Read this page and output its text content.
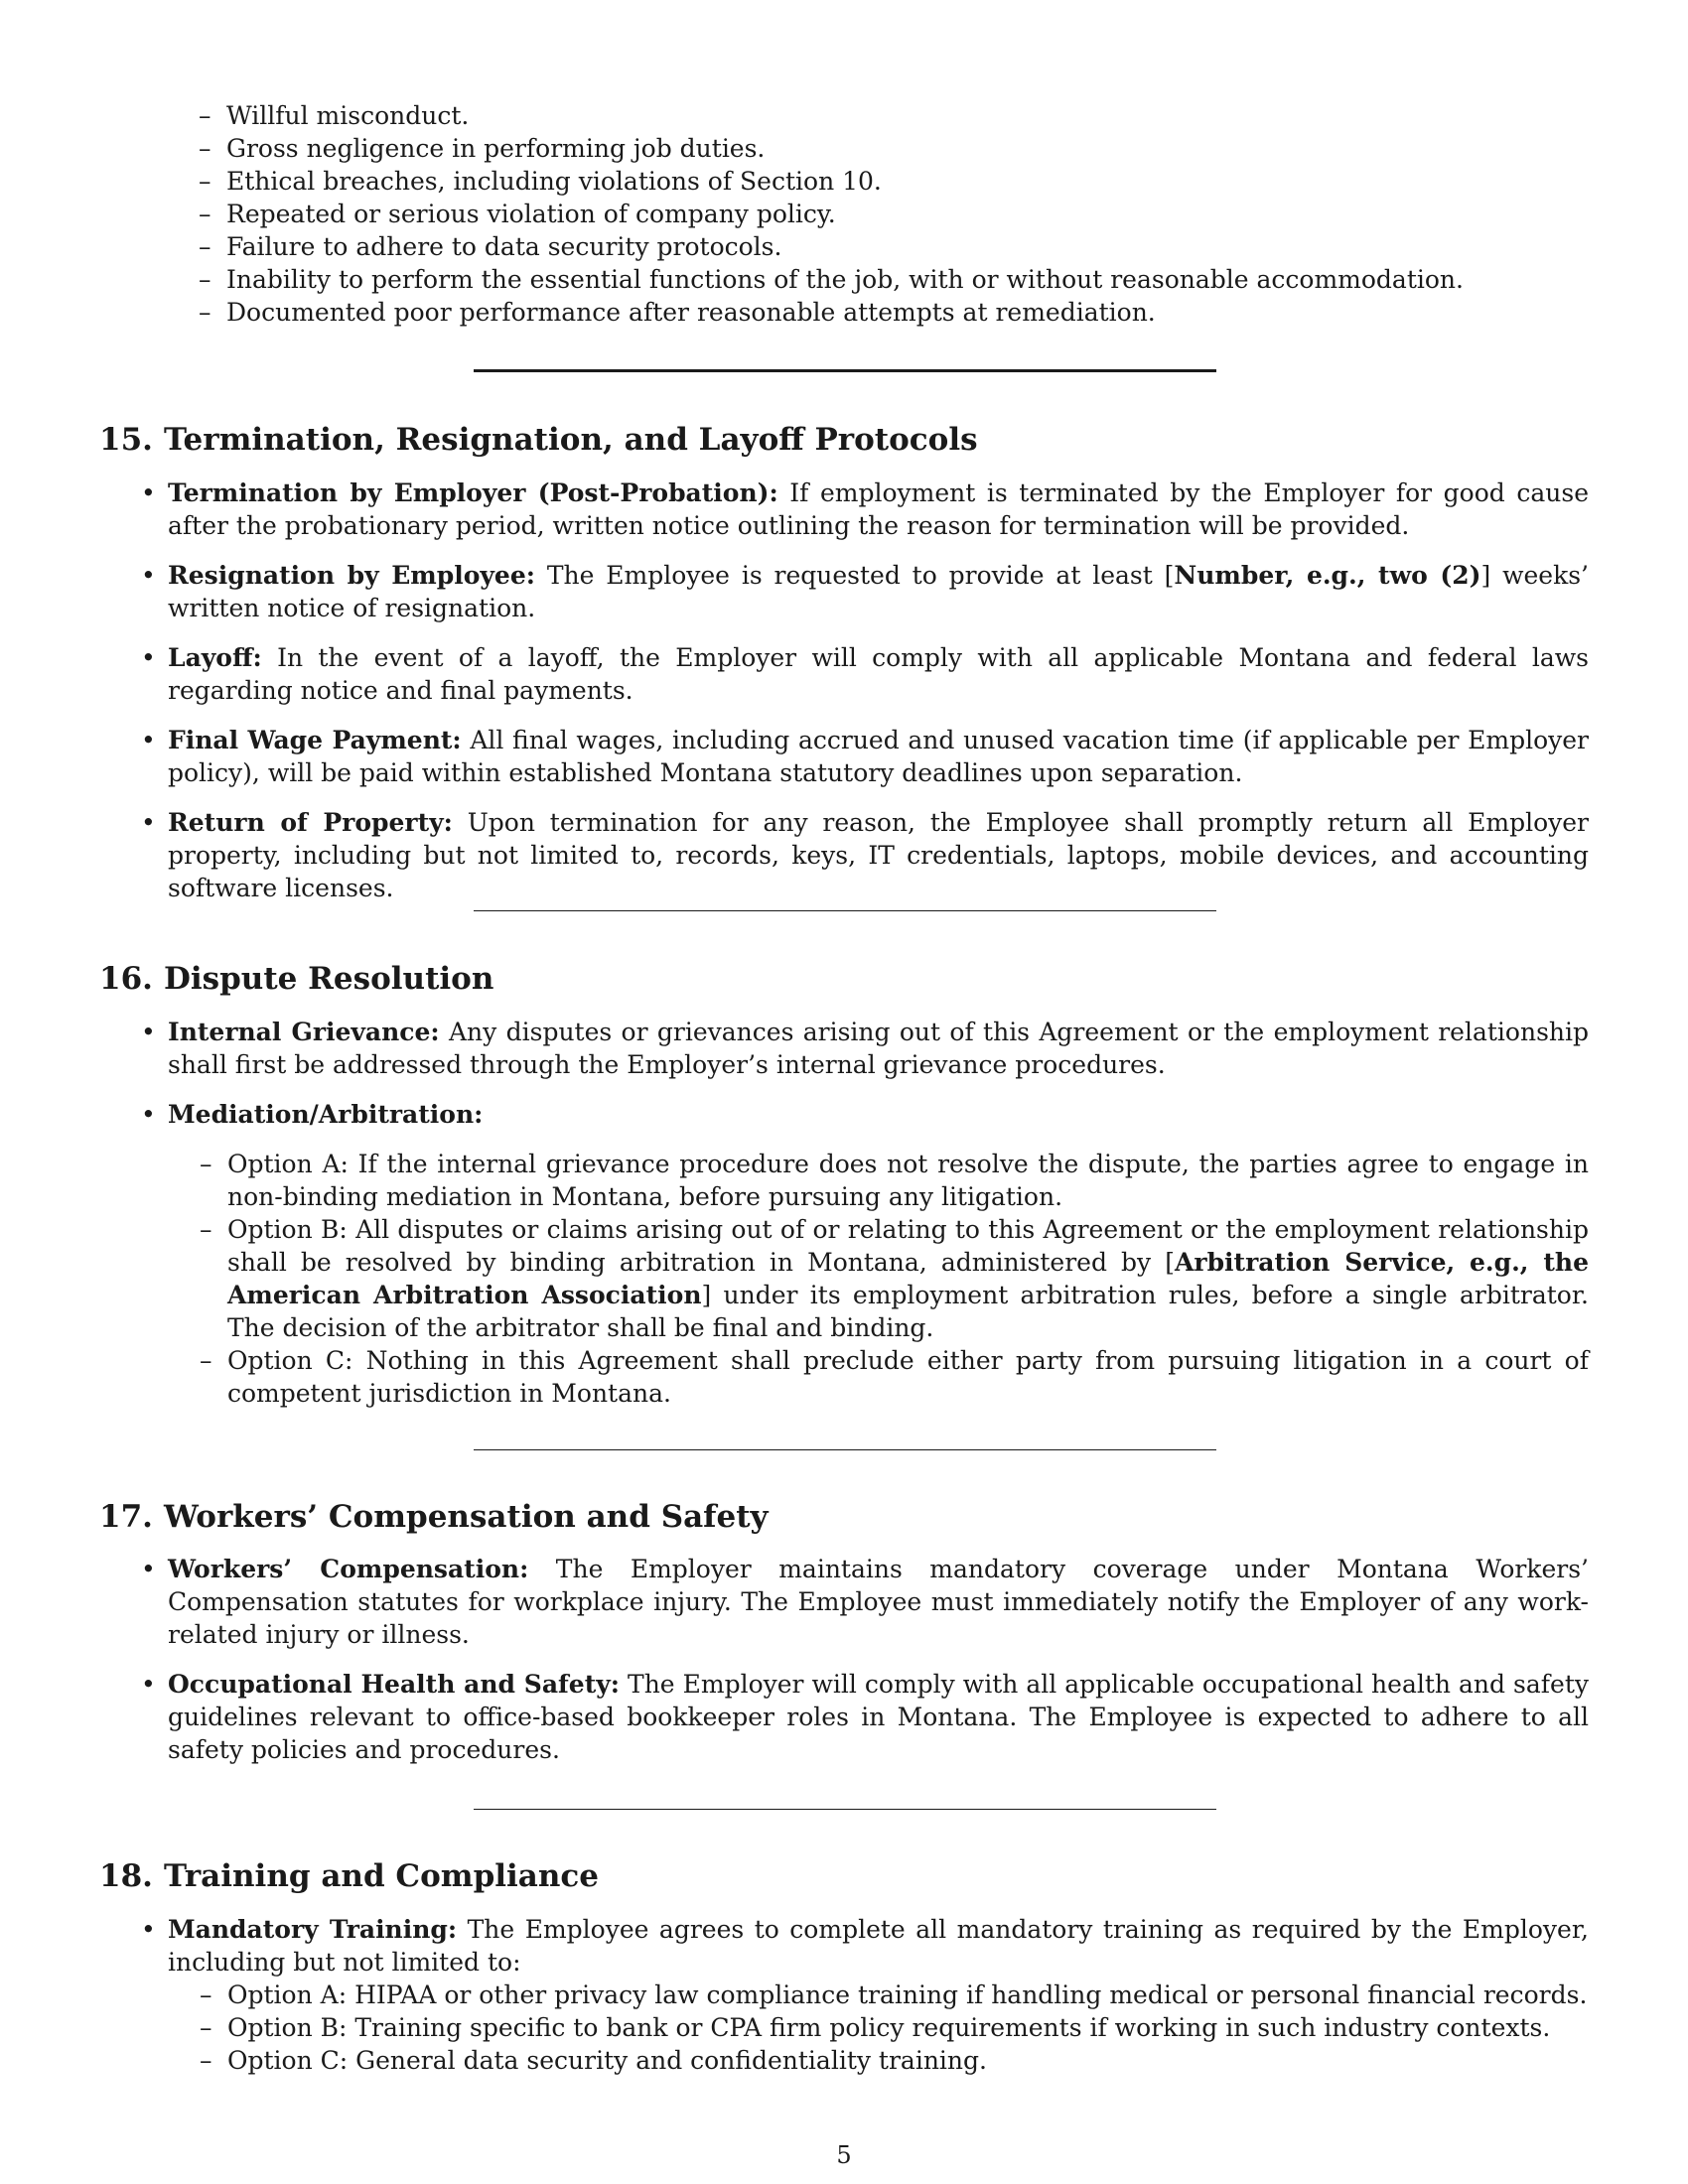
– Willful misconduct.
– Gross negligence in performing job duties.
– Ethical breaches, including violations of Section 10.
– Repeated or serious violation of company policy.
– Failure to adhere to data security protocols.
– Inability to perform the essential functions of the job, with or without reasonable accommodation.
– Documented poor performance after reasonable attempts at remediation.
15. Termination, Resignation, and Layoff Protocols
• Termination by Employer (Post-Probation): If employment is terminated by the Employer for good cause after the probationary period, written notice outlining the reason for termination will be provided.
• Resignation by Employee: The Employee is requested to provide at least [Number, e.g., two (2)] weeks’ written notice of resignation.
• Layoff: In the event of a layoff, the Employer will comply with all applicable Montana and federal laws regarding notice and final payments.
• Final Wage Payment: All final wages, including accrued and unused vacation time (if applicable per Employer policy), will be paid within established Montana statutory deadlines upon separation.
• Return of Property: Upon termination for any reason, the Employee shall promptly return all Employer property, including but not limited to, records, keys, IT credentials, laptops, mobile devices, and accounting software licenses.
16. Dispute Resolution
• Internal Grievance: Any disputes or grievances arising out of this Agreement or the employment relationship shall first be addressed through the Employer’s internal grievance procedures.
• Mediation/Arbitration:
– Option A: If the internal grievance procedure does not resolve the dispute, the parties agree to engage in non-binding mediation in Montana, before pursuing any litigation.
– Option B: All disputes or claims arising out of or relating to this Agreement or the employment relationship shall be resolved by binding arbitration in Montana, administered by [Arbitration Service, e.g., the American Arbitration Association] under its employment arbitration rules, before a single arbitrator. The decision of the arbitrator shall be final and binding.
– Option C: Nothing in this Agreement shall preclude either party from pursuing litigation in a court of competent jurisdiction in Montana.
17. Workers’ Compensation and Safety
• Workers’ Compensation: The Employer maintains mandatory coverage under Montana Workers’ Compensation statutes for workplace injury. The Employee must immediately notify the Employer of any work-related injury or illness.
• Occupational Health and Safety: The Employer will comply with all applicable occupational health and safety guidelines relevant to office-based bookkeeper roles in Montana. The Employee is expected to adhere to all safety policies and procedures.
18. Training and Compliance
• Mandatory Training: The Employee agrees to complete all mandatory training as required by the Employer, including but not limited to:
– Option A: HIPAA or other privacy law compliance training if handling medical or personal financial records.
– Option B: Training specific to bank or CPA firm policy requirements if working in such industry contexts.
– Option C: General data security and confidentiality training.
5
